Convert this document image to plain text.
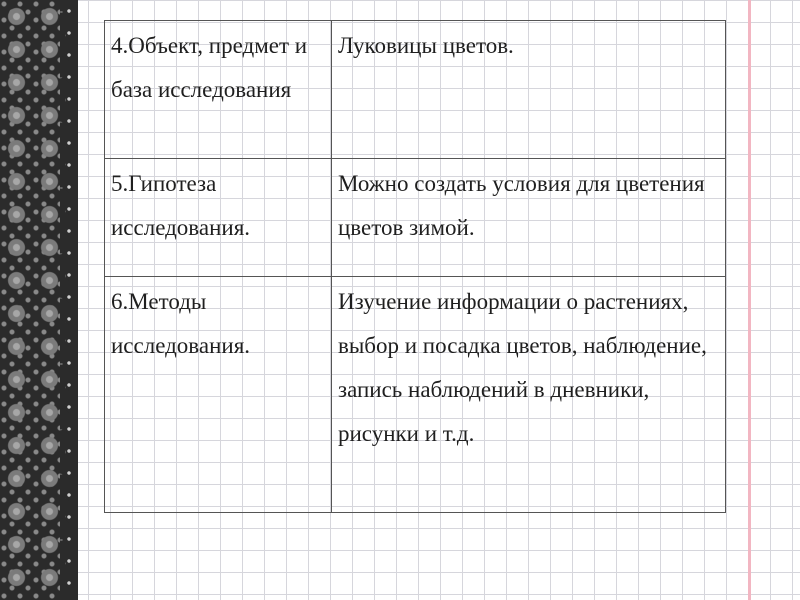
4.Объект, предмет и база исследования	Луковицы цветов.

5.Гипотеза исследования.	Можно создать условия для цветения цветов зимой.

6.Методы исследования.	Изучение информации о растениях, выбор и посадка цветов, наблюдение, запись наблюдений в дневники, рисунки и т.д.
